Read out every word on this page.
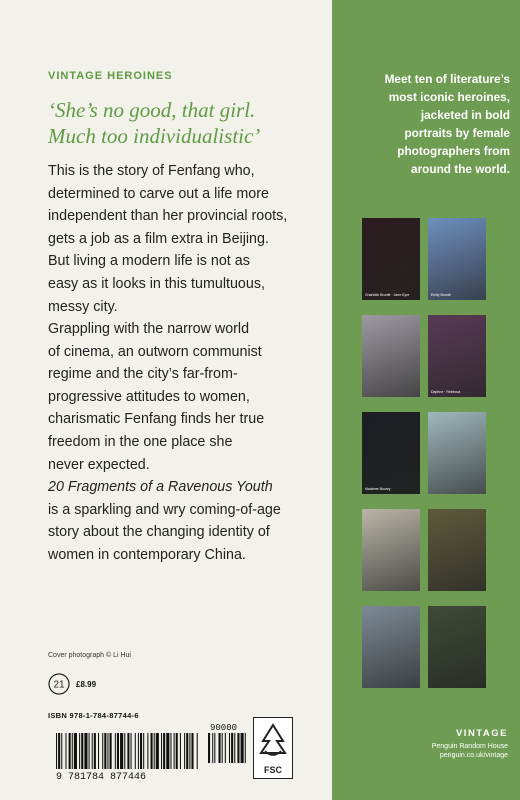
VINTAGE HEROINES
‘She’s no good, that girl.
Much too individualistic’
This is the story of Fenfang who,
determined to carve out a life more
independent than her provincial roots,
gets a job as a film extra in Beijing.
But living a modern life is not as
easy as it looks in this tumultuous,
messy city.
Grappling with the narrow world
of cinema, an outworn communist
regime and the city’s far-from-
progressive attitudes to women,
charismatic Fenfang finds her true
freedom in the one place she
never expected.
20 Fragments of a Ravenous Youth
is a sparkling and wry coming-of-age
story about the changing identity of
women in contemporary China.
Cover photograph © Li Hui
21 £8.99
ISBN 978-1-784-87744-6
9 781784 877446
90000
FSC
Meet ten of literature’s
most iconic heroines,
jacketed in bold
portraits by female
photographers from
around the world.
Charlotte Brontë · Jane Eyre	Emily Brontë
Daphne · Rebecca
Madame Bovary
VINTAGE
Penguin Random House
penguin.co.uk/vintage
